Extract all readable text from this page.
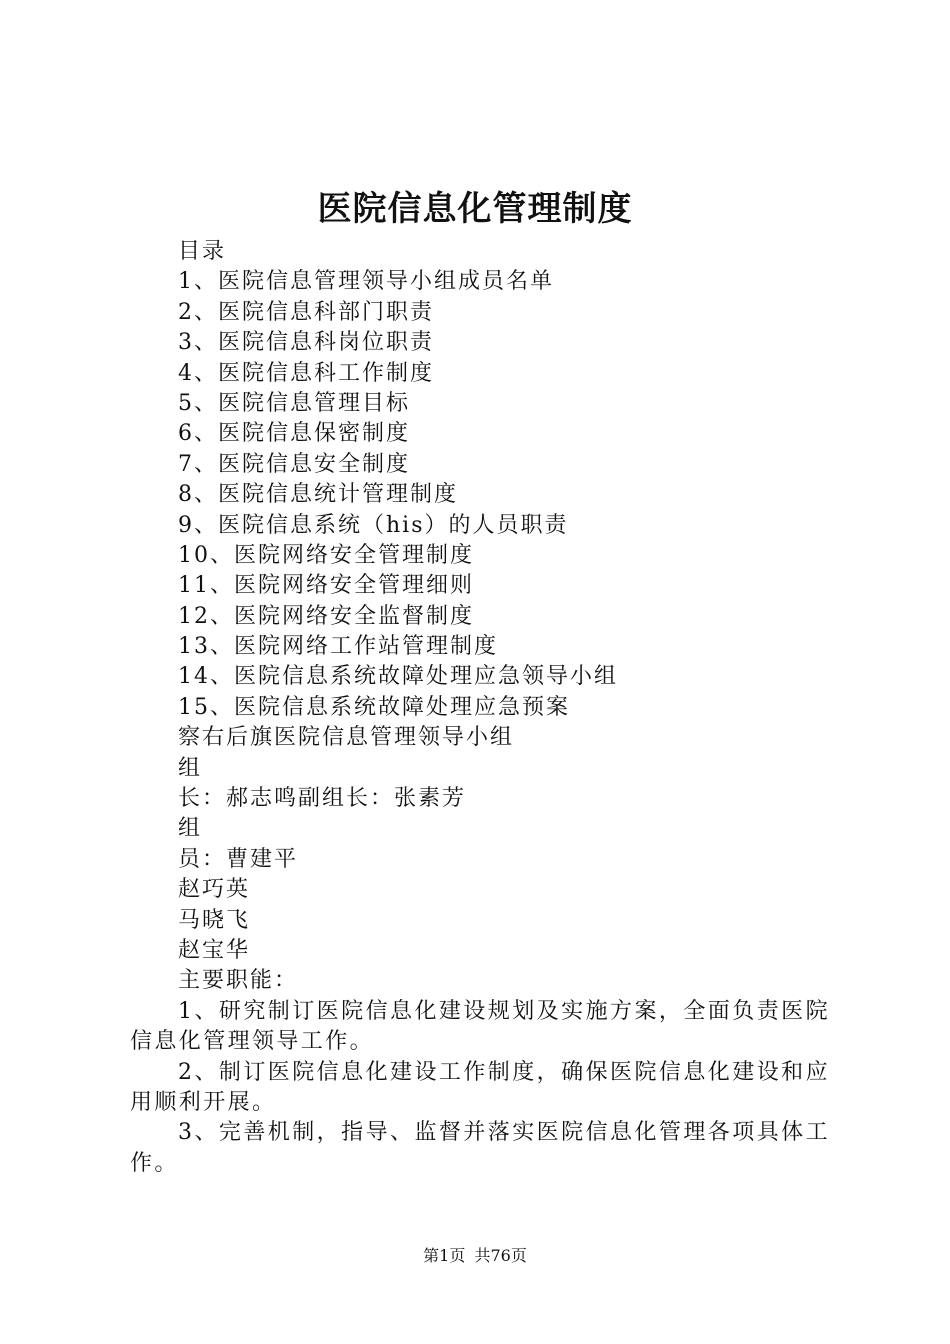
医院信息化管理制度
目录
1、医院信息管理领导小组成员名单
2、医院信息科部门职责
3、医院信息科岗位职责
4、医院信息科工作制度
5、医院信息管理目标
6、医院信息保密制度
7、医院信息安全制度
8、医院信息统计管理制度
9、医院信息系统（his）的人员职责
10、医院网络安全管理制度
11、医院网络安全管理细则
12、医院网络安全监督制度
13、医院网络工作站管理制度
14、医院信息系统故障处理应急领导小组
15、医院信息系统故障处理应急预案
察右后旗医院信息管理领导小组
组
长：郝志鸣副组长：张素芳
组
员：曹建平
赵巧英
马晓飞
赵宝华
主要职能：
1、研究制订医院信息化建设规划及实施方案，全面负责医院信息化管理领导工作。
2、制订医院信息化建设工作制度，确保医院信息化建设和应用顺利开展。
3、完善机制，指导、监督并落实医院信息化管理各项具体工作。
第1页 共76页
